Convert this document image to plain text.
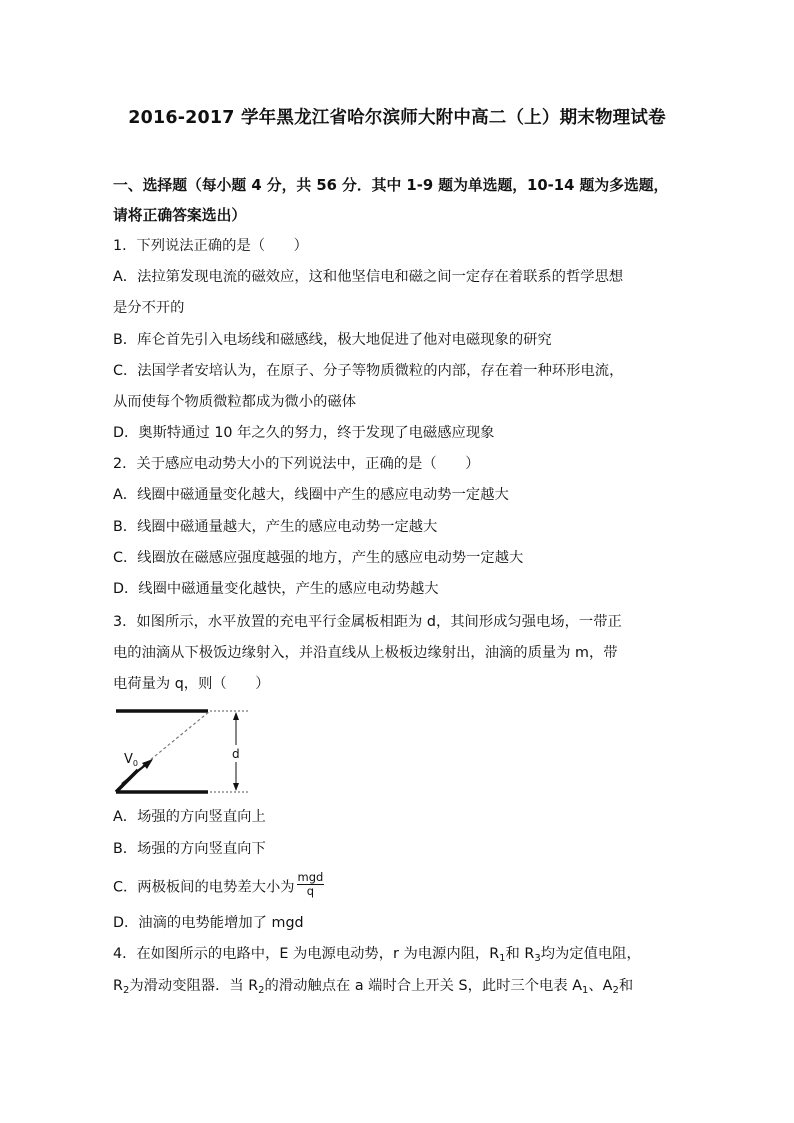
2016-2017 学年黑龙江省哈尔滨师大附中高二（上）期末物理试卷
一、选择题（每小题 4 分，共 56 分．其中 1-9 题为单选题，10-14 题为多选题，
请将正确答案选出）
1．下列说法正确的是（　　）
A．法拉第发现电流的磁效应，这和他坚信电和磁之间一定存在着联系的哲学思想
是分不开的
B．库仑首先引入电场线和磁感线，极大地促进了他对电磁现象的研究
C．法国学者安培认为，在原子、分子等物质微粒的内部，存在着一种环形电流，
从而使每个物质微粒都成为微小的磁体
D．奥斯特通过 10 年之久的努力，终于发现了电磁感应现象
2．关于感应电动势大小的下列说法中，正确的是（　　）
A．线圈中磁通量变化越大，线圈中产生的感应电动势一定越大
B．线圈中磁通量越大，产生的感应电动势一定越大
C．线圈放在磁感应强度越强的地方，产生的感应电动势一定越大
D．线圈中磁通量变化越快，产生的感应电动势越大
3．如图所示，水平放置的充电平行金属板相距为 d，其间形成匀强电场，一带正
电的油滴从下极饭边缘射入，并沿直线从上极板边缘射出，油滴的质量为 m，带
电荷量为 q，则（　　）
$V_0$
d
A．场强的方向竖直向上
B．场强的方向竖直向下
C．两极板间的电势差大小为 $\frac{\text{mgd}}{q}$
D．油滴的电势能增加了 mgd
4．在如图所示的电路中，E 为电源电动势，r 为电源内阻，$R_1$和 $R_3$均为定值电阻，
$R_2$为滑动变阻器．当 $R_2$的滑动触点在 a 端时合上开关 S，此时三个电表 $A_1$、$A_2$和
